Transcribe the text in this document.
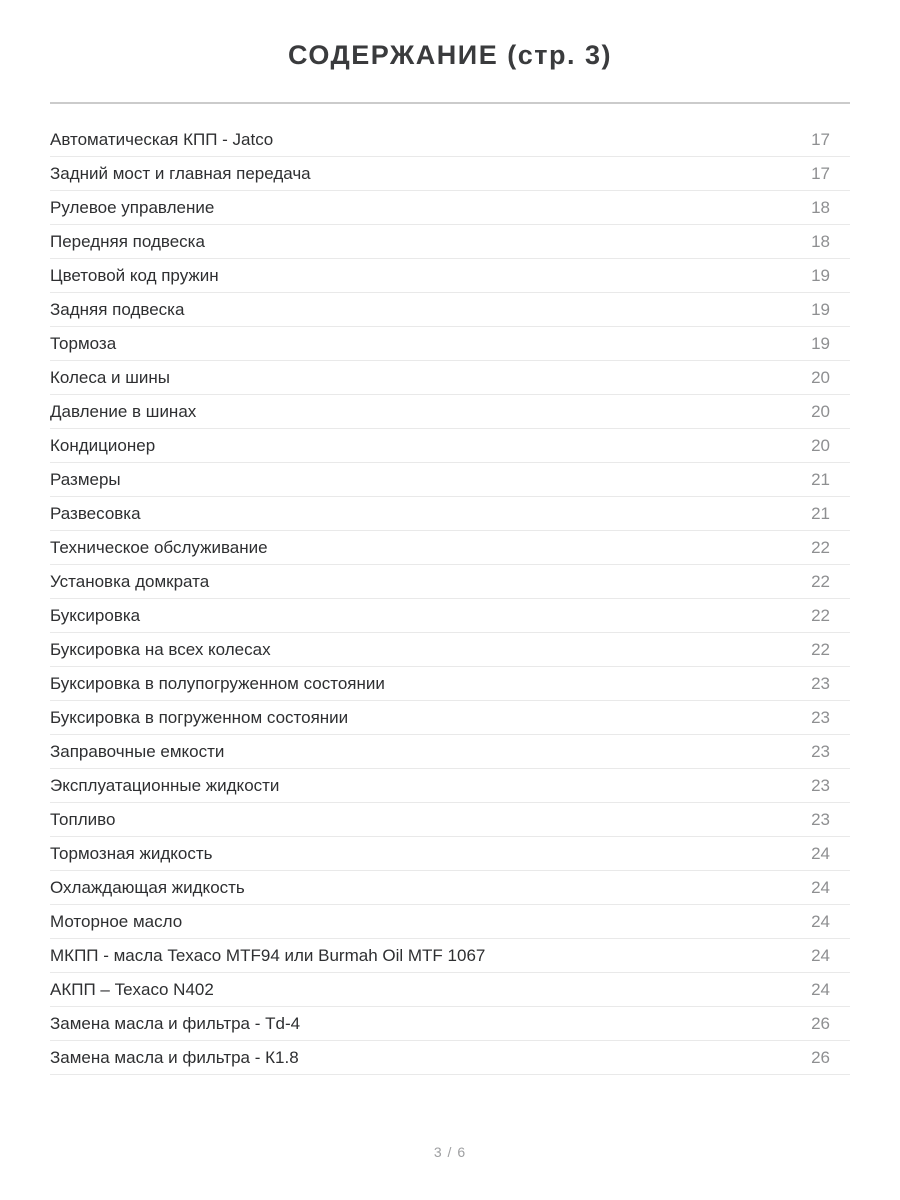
СОДЕРЖАНИЕ (стр. 3)
Автоматическая КПП - Jatco	17
Задний мост и главная передача	17
Рулевое управление	18
Передняя подвеска	18
Цветовой код пружин	19
Задняя подвеска	19
Тормоза	19
Колеса и шины	20
Давление в шинах	20
Кондиционер	20
Размеры	21
Развесовка	21
Техническое обслуживание	22
Установка домкрата	22
Буксировка	22
Буксировка на всех колесах	22
Буксировка в полупогруженном состоянии	23
Буксировка в погруженном состоянии	23
Заправочные емкости	23
Эксплуатационные жидкости	23
Топливо	23
Тормозная жидкость	24
Охлаждающая жидкость	24
Моторное масло	24
МКПП - масла Texaco MTF94 или Burmah Oil MTF 1067	24
АКПП – Texaco N402	24
Замена масла и фильтра - Td-4	26
Замена масла и фильтра - К1.8	26
3 / 6
